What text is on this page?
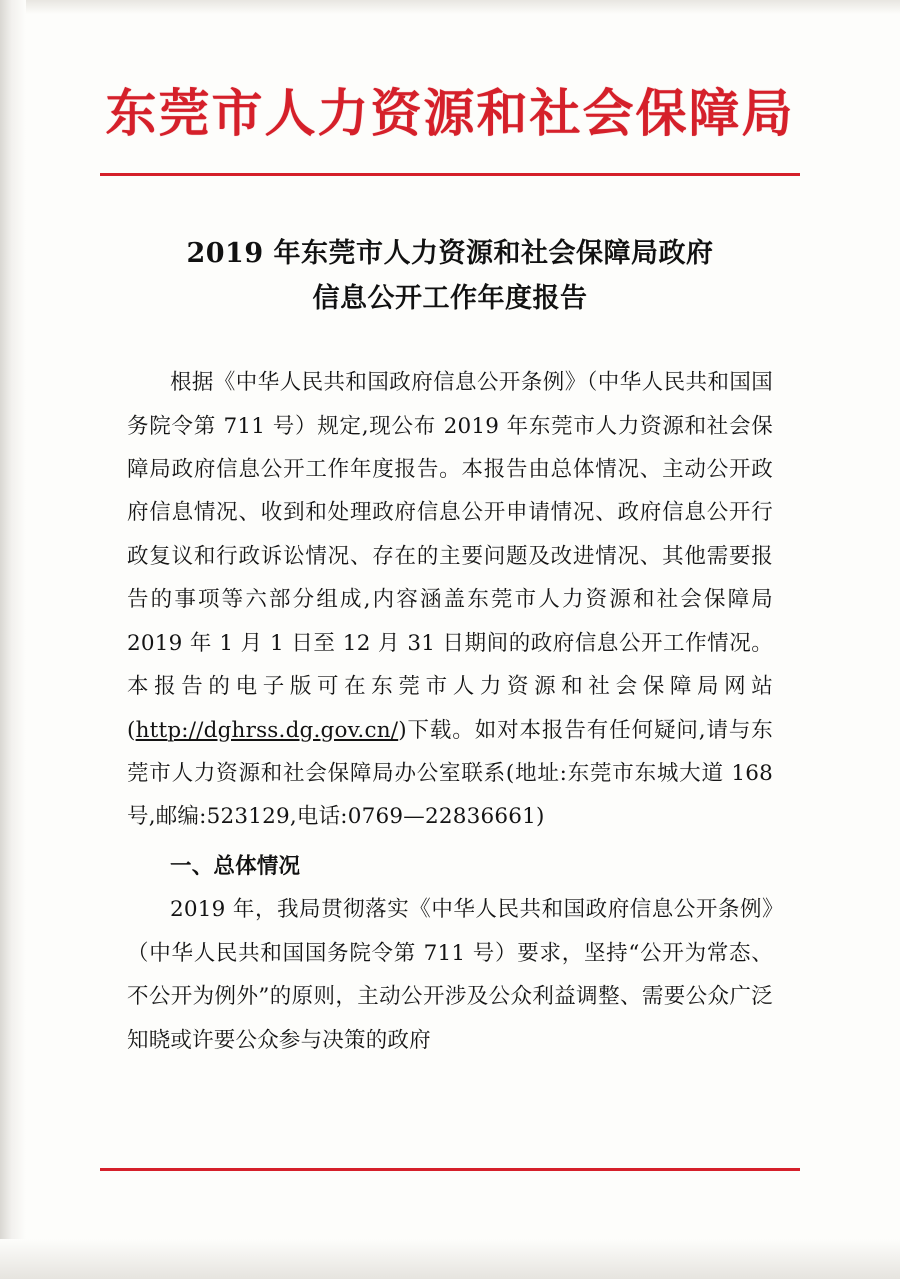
东莞市人力资源和社会保障局
2019 年东莞市人力资源和社会保障局政府
信息公开工作年度报告

根据《中华人民共和国政府信息公开条例》（中华人民共和国国务院令第 711 号）规定,现公布 2019 年东莞市人力资源和社会保障局政府信息公开工作年度报告。本报告由总体情况、主动公开政府信息情况、收到和处理政府信息公开申请情况、政府信息公开行政复议和行政诉讼情况、存在的主要问题及改进情况、其他需要报告的事项等六部分组成,内容涵盖东莞市人力资源和社会保障局 2019 年 1 月 1 日至 12 月 31 日期间的政府信息公开工作情况。本报告的电子版可在东莞市人力资源和社会保障局网站(http://dghrss.dg.gov.cn/)下载。如对本报告有任何疑问,请与东莞市人力资源和社会保障局办公室联系(地址:东莞市东城大道 168 号,邮编:523129,电话:0769—22836661)

一、总体情况

2019 年，我局贯彻落实《中华人民共和国政府信息公开条例》（中华人民共和国国务院令第 711 号）要求，坚持“公开为常态、不公开为例外”的原则，主动公开涉及公众利益调整、需要公众广泛知晓或许要公众参与决策的政府
